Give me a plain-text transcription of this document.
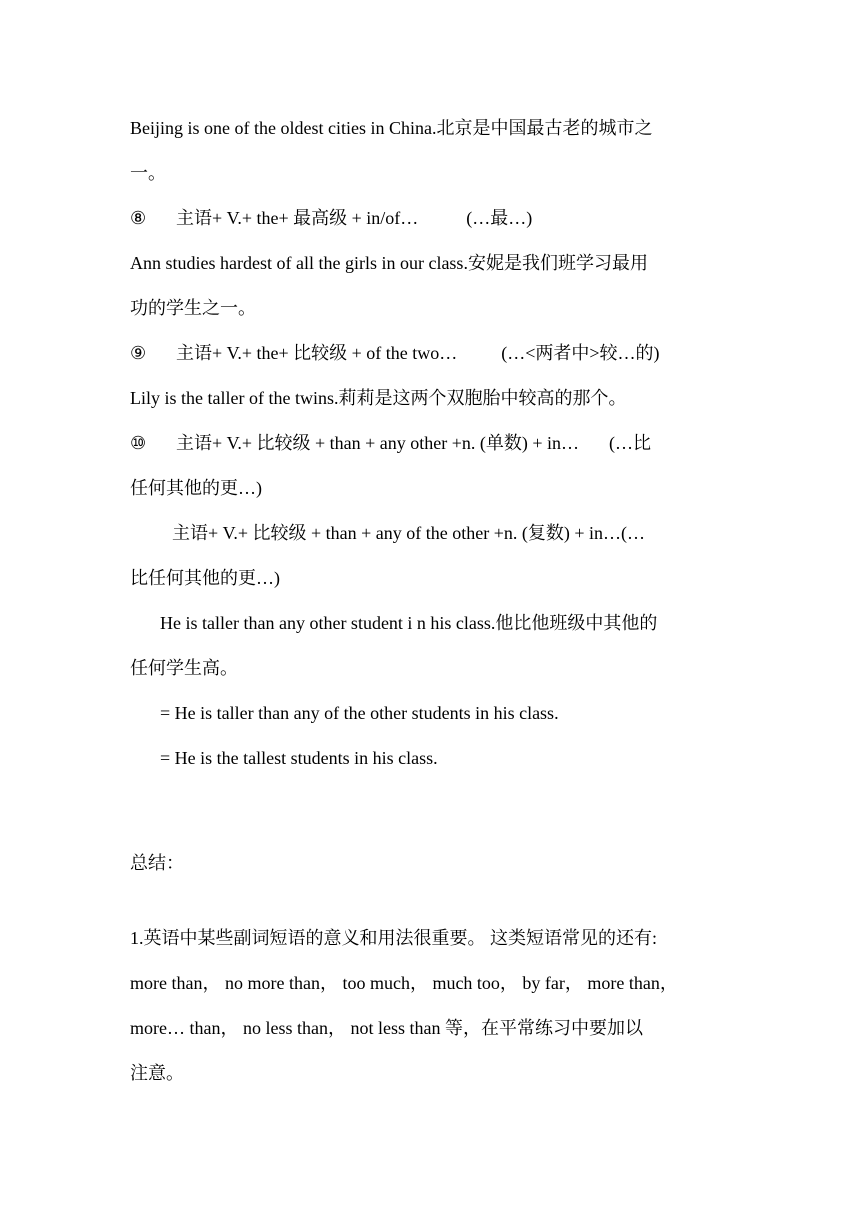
Beijing is one of the oldest cities in China.北京是中国最古老的城市之
一。
⑧ 主语+ V.+ the+ 最高级 + in/of…	(…最…)
Ann studies hardest of all the girls in our class.安妮是我们班学习最用
功的学生之一。
⑨ 主语+ V.+ the+ 比较级 + of the two… (…<两者中>较…的)
Lily is the taller of the twins.莉莉是这两个双胞胎中较高的那个。
⑩ 主语+ V.+ 比较级 + than + any other +n. (单数) + in… (…比
任何其他的更…)
主语+ V.+ 比较级 + than + any of the other +n. (复数) + in…(…
比任何其他的更…)
He is taller than any other student i n his class.他比他班级中其他的
任何学生高。
= He is taller than any of the other students in his class.
= He is the tallest students in his class.
总结：
1.英语中某些副词短语的意义和用法很重要。 这类短语常见的还有:
more than， no more than， too much， much too， by far， more than，
more… than， no less than， not less than 等，在平常练习中要加以
注意。
